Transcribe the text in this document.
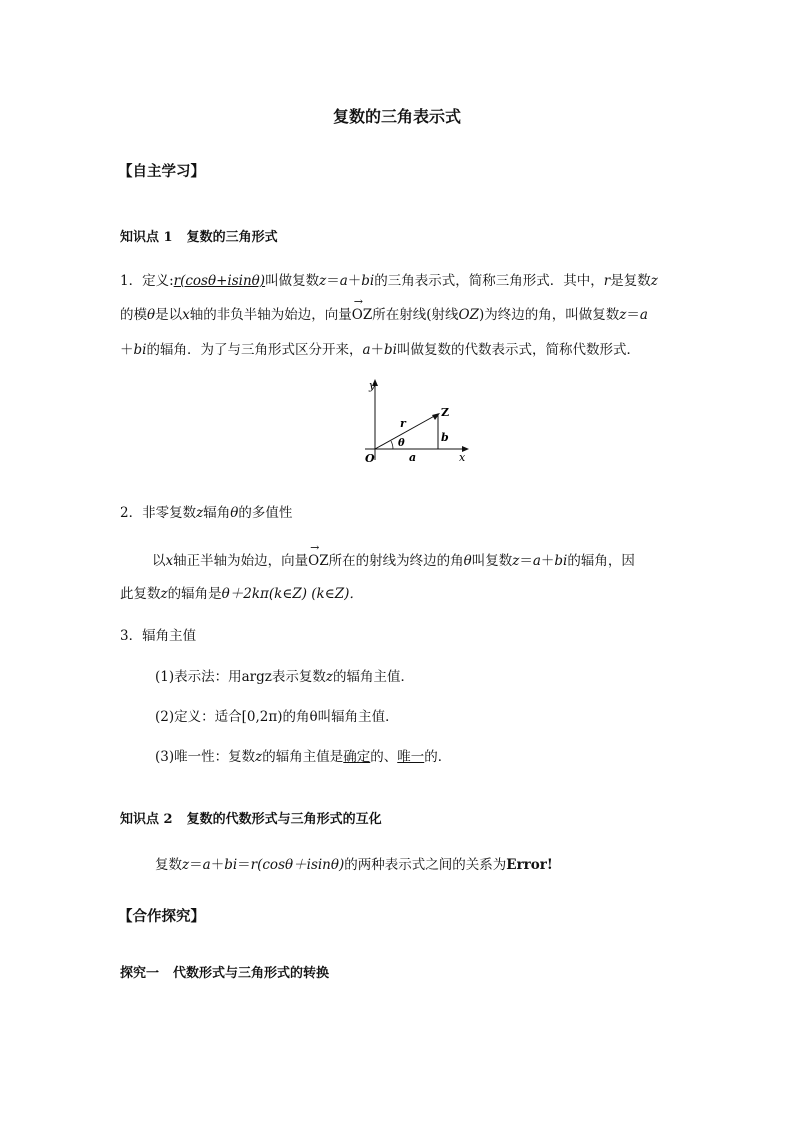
复数的三角表示式
【自主学习】
知识点 1 复数的三角形式
1．定义:r(cosθ+isinθ)叫做复数z＝a＋bi的三角表示式，简称三角形式．其中，r是复数z
的模θ是以x轴的非负半轴为始边，向量→ OZ所在射线(射线OZ)为终边的角，叫做复数z＝a
＋bi的辐角．为了与三角形式区分开来，a＋bi叫做复数的代数表示式，简称代数形式．
y
x
O
Z
r
θ
a
b
2．非零复数z辐角θ的多值性
以x轴正半轴为始边，向量→ OZ所在的射线为终边的角θ叫复数z＝a＋bi的辐角，因
此复数z的辐角是θ＋2kπ(k∈Z) (k∈Z)．
3．辐角主值
(1)表示法：用argz表示复数z的辐角主值．
(2)定义：适合[0,2π)的角θ叫辐角主值．
(3)唯一性：复数z的辐角主值是确定的、唯一的．
知识点 2 复数的代数形式与三角形式的互化
复数z＝a＋bi＝r(cosθ＋isinθ)的两种表示式之间的关系为Error!
【合作探究】
探究一 代数形式与三角形式的转换
